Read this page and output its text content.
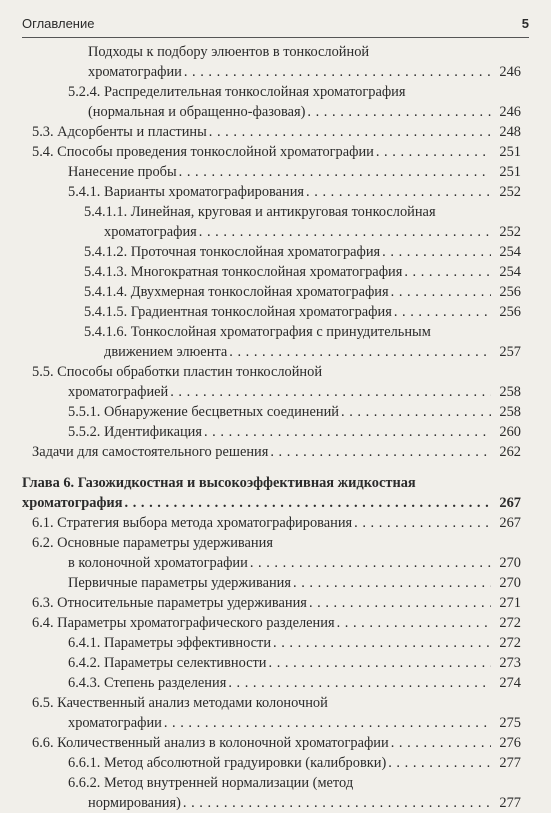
Оглавление	5
Подходы к подбору элюентов в тонкослойной
хроматографии . . .	246
5.2.4. Распределительная тонкослойная хроматография
(нормальная и обращенно-фазовая) . . .	246
5.3. Адсорбенты и пластины . . .	248
5.4. Способы проведения тонкослойной хроматографии . . .	251
Нанесение пробы . . .	251
5.4.1. Варианты хроматографирования . . .	252
5.4.1.1. Линейная, круговая и антикруговая тонкослойная
хроматография . . .	252
5.4.1.2. Проточная тонкослойная хроматография . . .	254
5.4.1.3. Многократная тонкослойная хроматография . . .	254
5.4.1.4. Двухмерная тонкослойная хроматография . . .	256
5.4.1.5. Градиентная тонкослойная хроматография . . .	256
5.4.1.6. Тонкослойная хроматография с принудительным
движением элюента . . .	257
5.5. Способы обработки пластин тонкослойной
хроматографией . . .	258
5.5.1. Обнаружение бесцветных соединений . . .	258
5.5.2. Идентификация . . .	260
Задачи для самостоятельного решения . . .	262
Глава 6. Газожидкостная и высокоэффективная жидкостная
хроматография . . .	267
6.1. Стратегия выбора метода хроматографирования . . .	267
6.2. Основные параметры удерживания
в колоночной хроматографии . . .	270
Первичные параметры удерживания . . .	270
6.3. Относительные параметры удерживания . . .	271
6.4. Параметры хроматографического разделения . . .	272
6.4.1. Параметры эффективности . . .	272
6.4.2. Параметры селективности . . .	273
6.4.3. Степень разделения . . .	274
6.5. Качественный анализ методами колоночной
хроматографии . . .	275
6.6. Количественный анализ в колоночной хроматографии . . .	276
6.6.1. Метод абсолютной градуировки (калибровки) . . .	277
6.6.2. Метод внутренней нормализации (метод
нормирования) . . .	277
